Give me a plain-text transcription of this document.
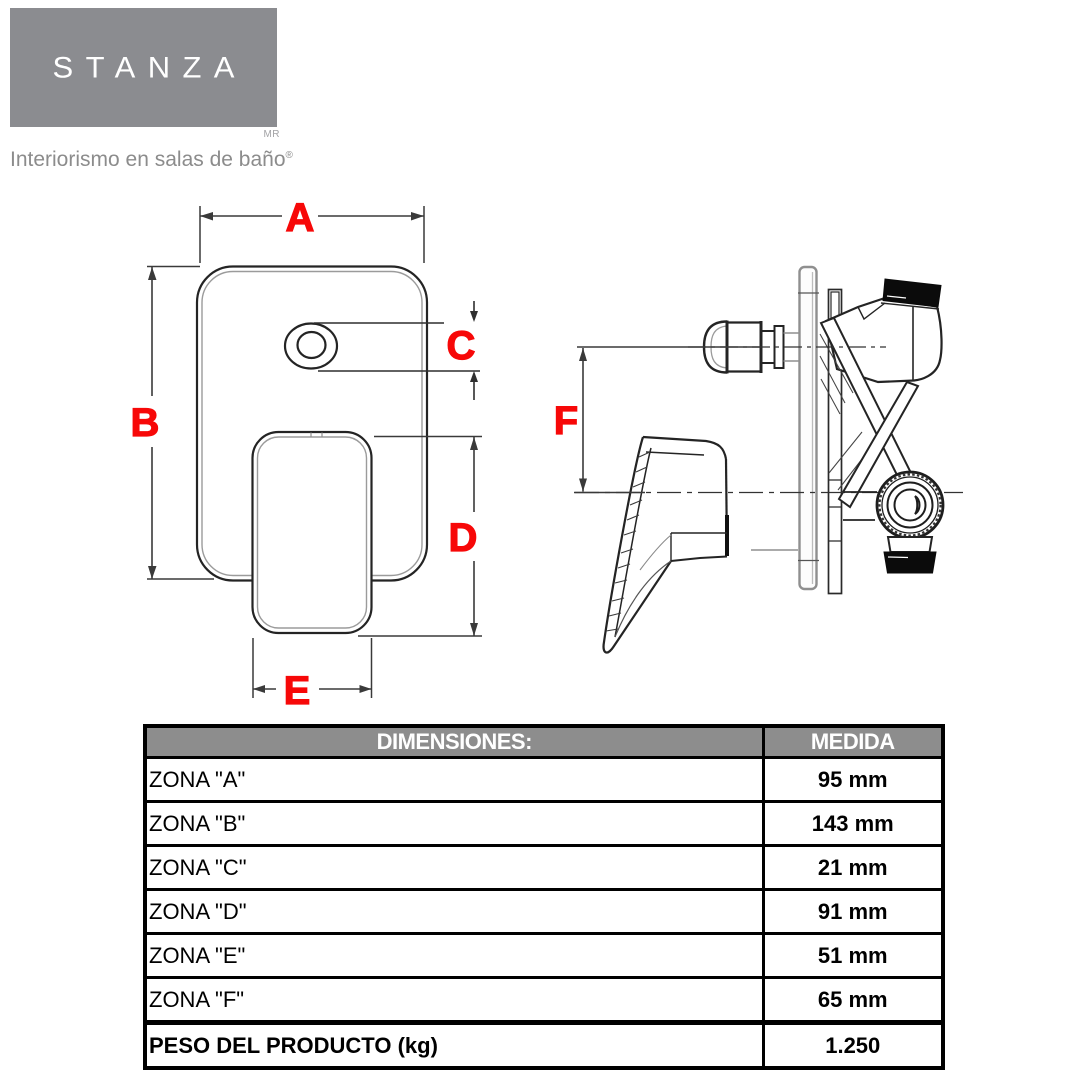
STANZA
MR
Interiorismo en salas de baño®
A
B
C
D
E
F
DIMENSIONES:	MEDIDA
ZONA "A"	95 mm
ZONA "B"	143 mm
ZONA "C"	21 mm
ZONA "D"	91 mm
ZONA "E"	51 mm
ZONA "F"	65 mm
PESO DEL PRODUCTO (kg)	1.250
